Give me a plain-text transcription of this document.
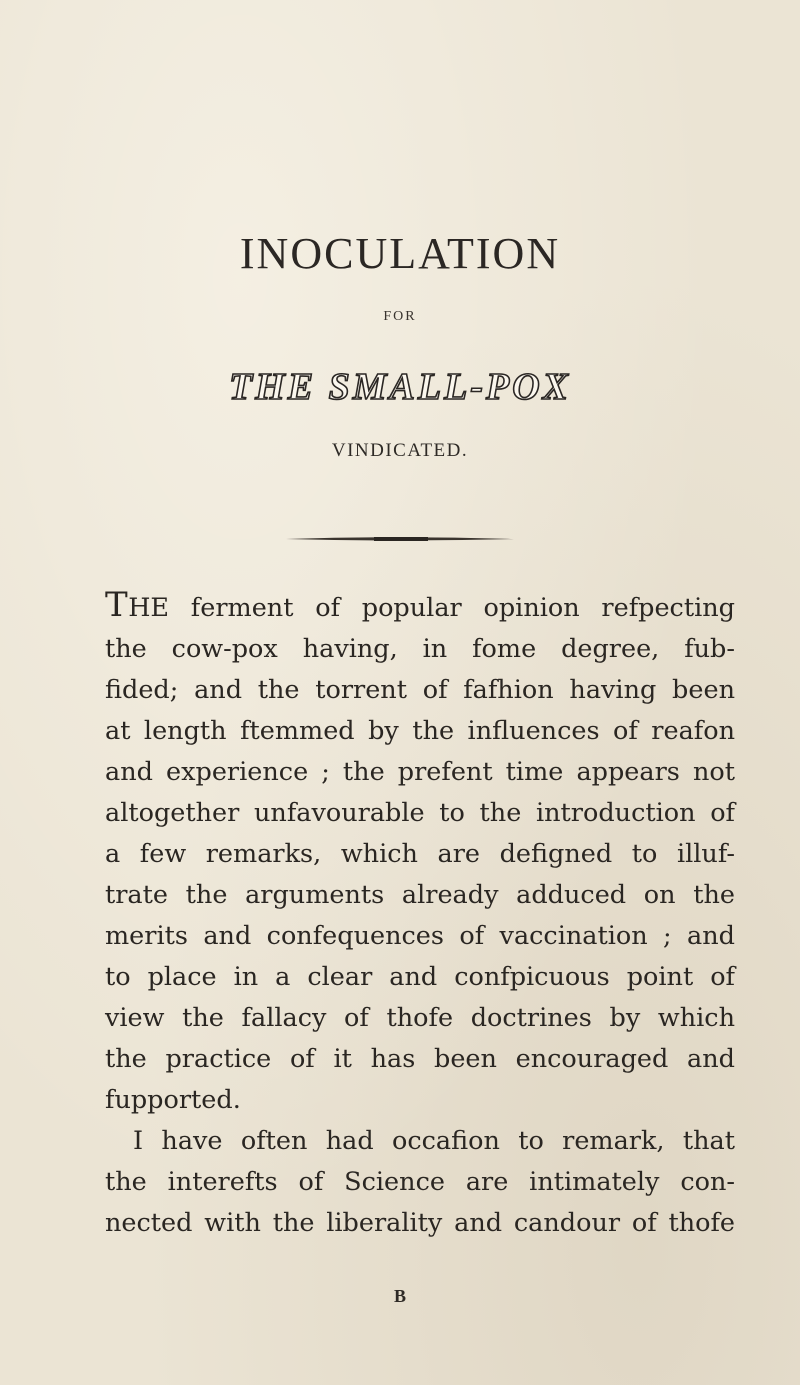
INOCULATION
FOR
THE SMALL-POX
VINDICATED.
THE ferment of popular opinion refpecting
the cow-pox having, in fome degree, fub-
fided; and the torrent of fafhion having been
at length ftemmed by the influences of reafon
and experience ; the prefent time appears not
altogether unfavourable to the introduction of
a few remarks, which are defigned to illuf-
trate the arguments already adduced on the
merits and confequences of vaccination ; and
to place in a clear and confpicuous point of
view the fallacy of thofe doctrines by which
the practice of it has been encouraged and
fupported.
I have often had occafion to remark, that
the interefts of Science are intimately con-
nected with the liberality and candour of thofe
B
